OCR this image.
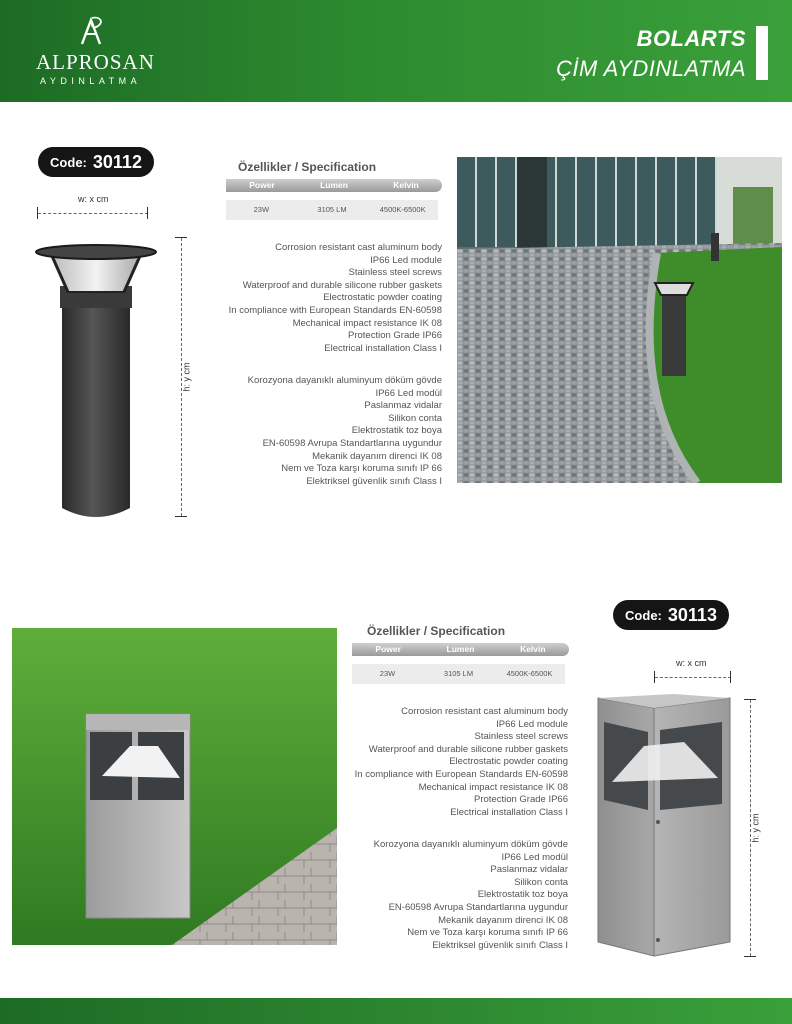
ALPROSAN
AYDINLATMA
BOLARTS
ÇİM AYDINLATMA
Code: 30112
w: x cm
h: y cm
Özellikler / Specification
Power	Lumen	Kelvin
23W	3105 LM	4500K-6500K
Corrosion resistant cast aluminum body
IP66 Led module
Stainless steel screws
Waterproof and durable silicone rubber gaskets
Electrostatic powder coating
In compliance with European Standards EN-60598
Mechanical impact resistance IK 08
Protection Grade IP66
Electrical installation Class I
Korozyona dayanıklı aluminyum döküm gövde
IP66 Led modül
Paslanmaz vidalar
Silikon conta
Elektrostatik toz boya
EN-60598 Avrupa Standartlarına uygundur
Mekanik dayanım direnci IK 08
Nem ve Toza karşı koruma sınıfı IP 66
Elektriksel güvenlik sınıfı Class I
Code: 30113
Özellikler / Specification
Power	Lumen	Kelvin
23W	3105 LM	4500K-6500K
Corrosion resistant cast aluminum body
IP66 Led module
Stainless steel screws
Waterproof and durable silicone rubber gaskets
Electrostatic powder coating
In compliance with European Standards EN-60598
Mechanical impact resistance IK 08
Protection Grade IP66
Electrical installation Class I
Korozyona dayanıklı aluminyum döküm gövde
IP66 Led modül
Paslanmaz vidalar
Silikon conta
Elektrostatik toz boya
EN-60598 Avrupa Standartlarına uygundur
Mekanik dayanım direnci IK 08
Nem ve Toza karşı koruma sınıfı IP 66
Elektriksel güvenlik sınıfı Class I
w: x cm
h: y cm
